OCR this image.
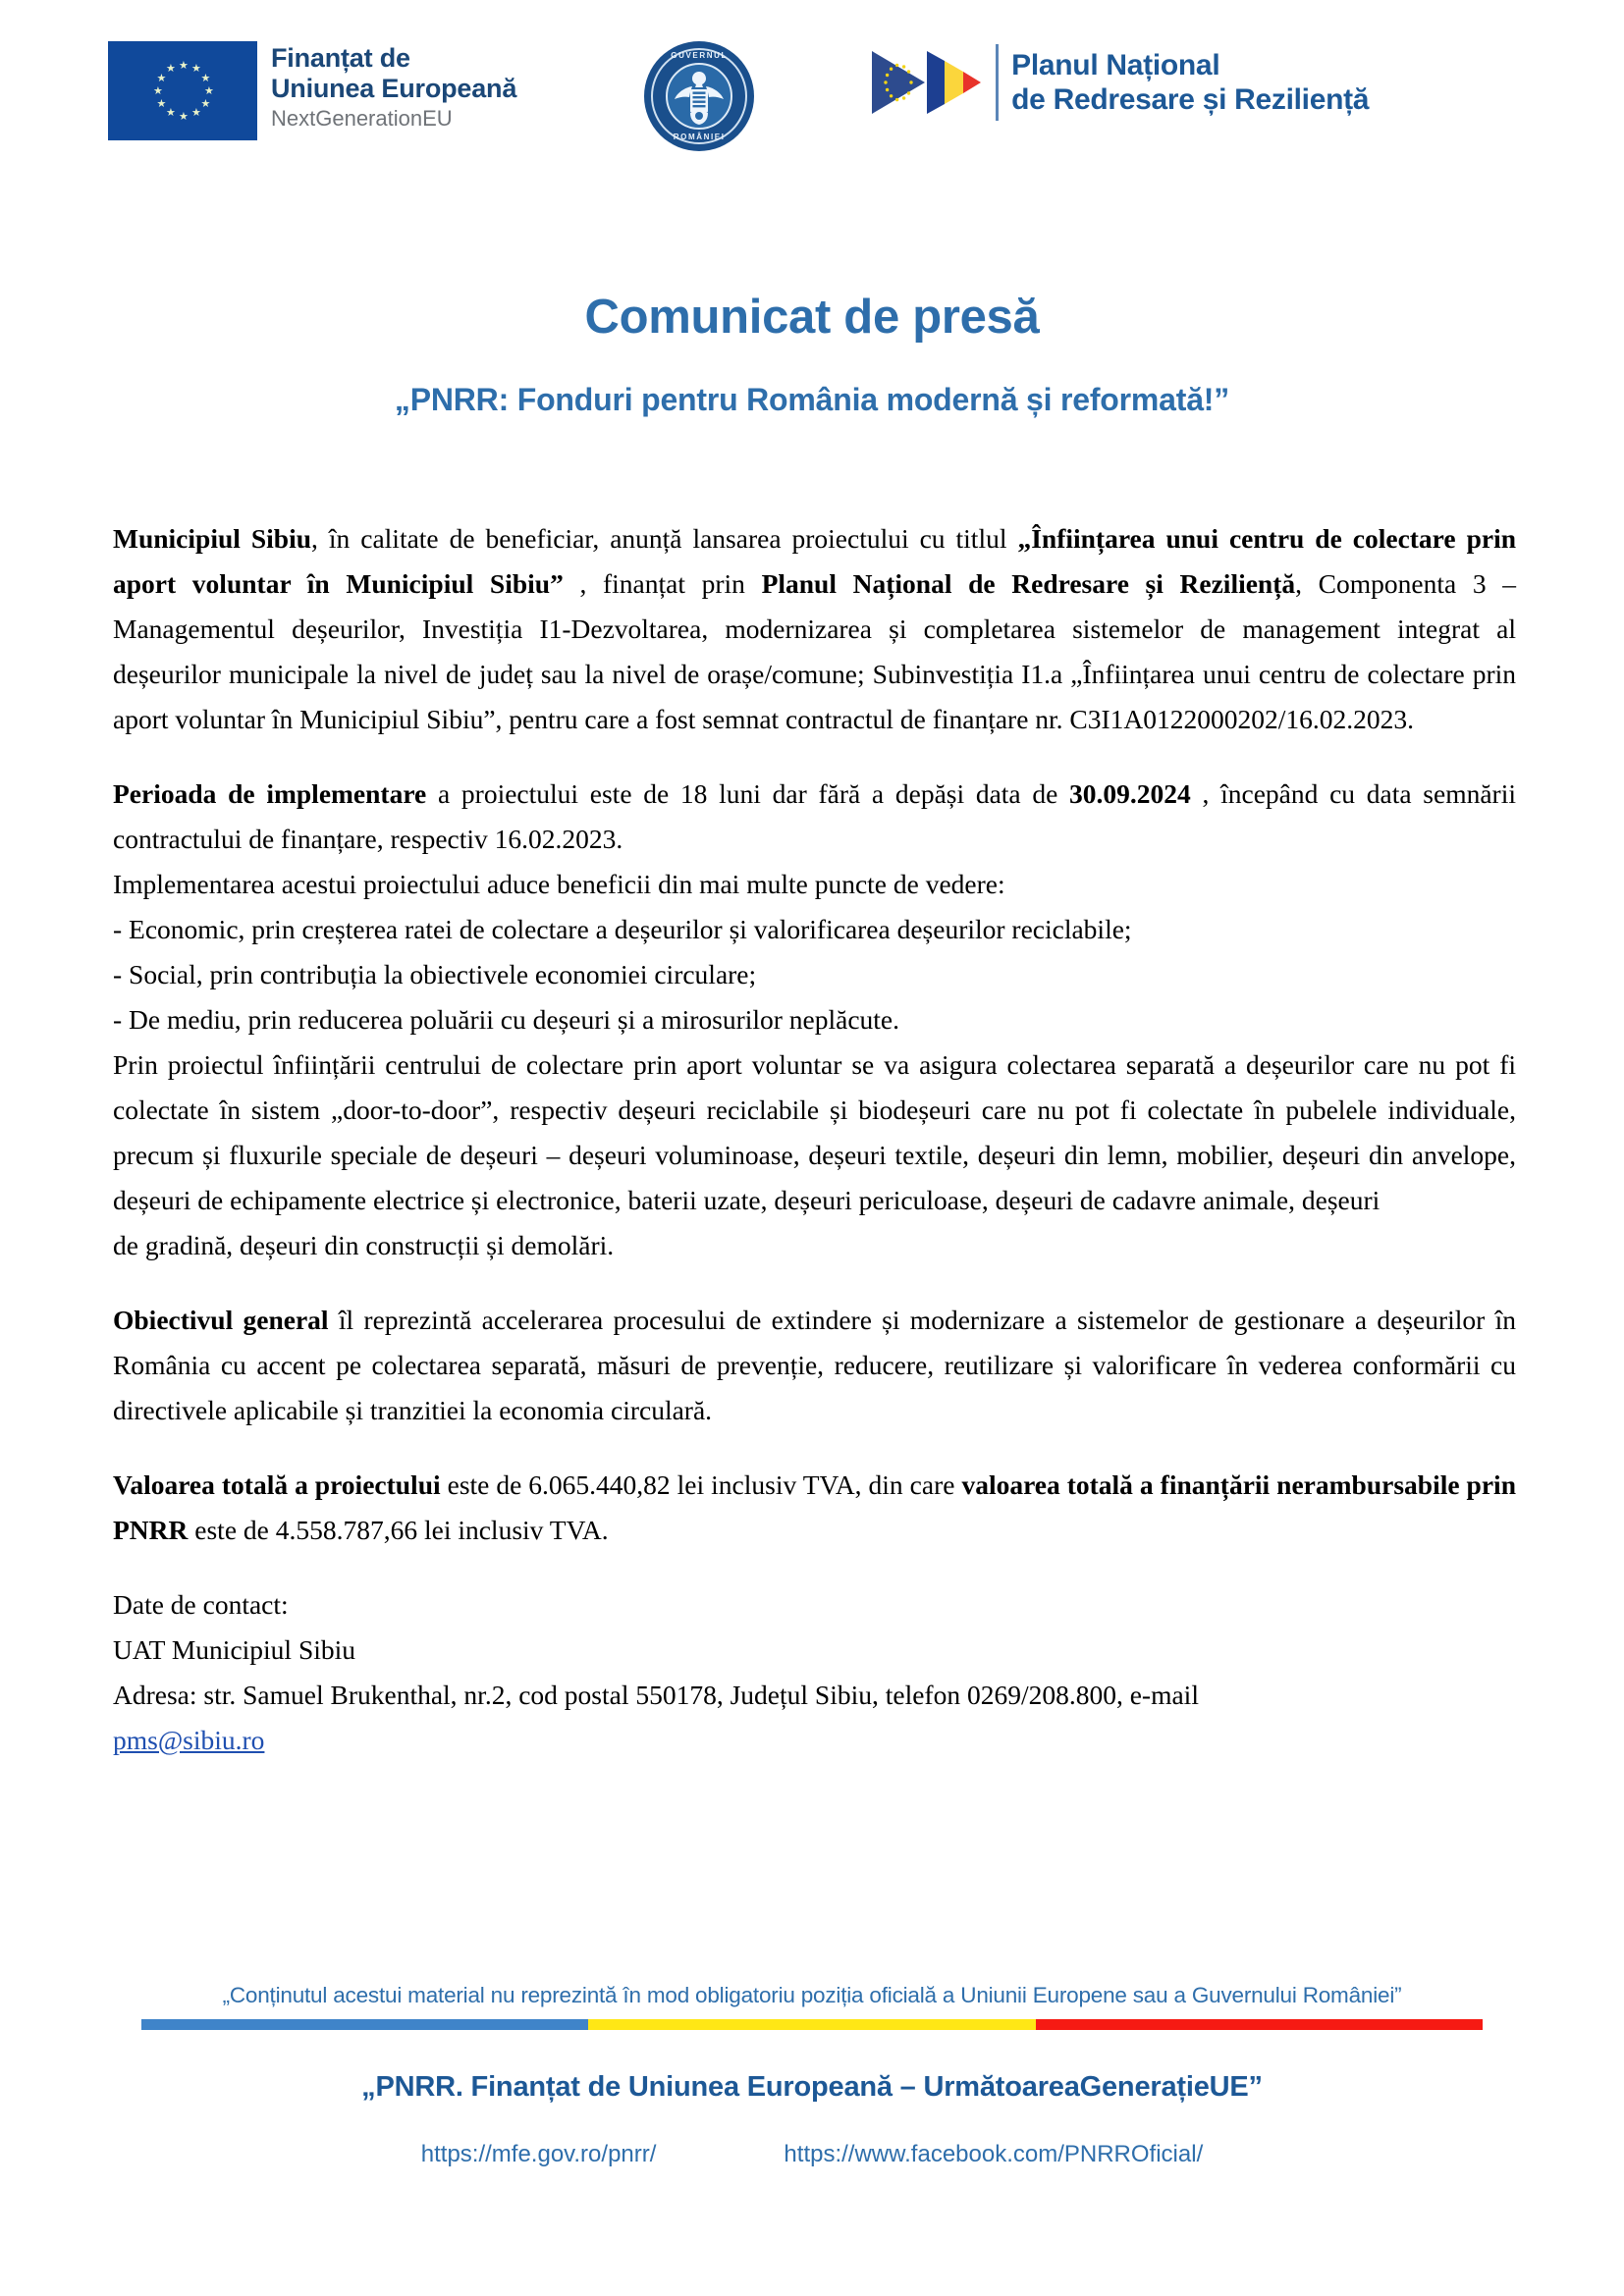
★ ★
★
★
★
★
★
★
★
★
★
★	Finanțat de
Uniunea Europeană
NextGenerationEU
GUVERNUL
ROMÂNIEI
Planul Național
de Redresare și Reziliență
Comunicat de presă
„PNRR: Fonduri pentru România modernă și reformată!”

Municipiul Sibiu, în calitate de beneficiar, anunță lansarea proiectului cu titlul „Înființarea unui centru de colectare prin aport voluntar în Municipiul Sibiu” , finanțat prin Planul Național de Redresare și Reziliență, Componenta 3 – Managementul deșeurilor, Investiția I1-Dezvoltarea, modernizarea și completarea sistemelor de management integrat al deșeurilor municipale la nivel de județ sau la nivel de orașe/comune; Subinvestiția I1.a „Înființarea unui centru de colectare prin aport voluntar în Municipiul Sibiu”, pentru care a fost semnat contractul de finanțare nr. C3I1A0122000202/16.02.2023.

Perioada de implementare a proiectului este de 18 luni dar fără a depăși data de 30.09.2024 , începând cu data semnării contractului de finanțare, respectiv 16.02.2023.

Implementarea acestui proiectului aduce beneficii din mai multe puncte de vedere:

- Economic, prin creșterea ratei de colectare a deșeurilor și valorificarea deșeurilor reciclabile;

- Social, prin contribuția la obiectivele economiei circulare;

- De mediu, prin reducerea poluării cu deșeuri și a mirosurilor neplăcute.

Prin proiectul înființării centrului de colectare prin aport voluntar se va asigura colectarea separată a deșeurilor care nu pot fi colectate în sistem „door-to-door”, respectiv deșeuri reciclabile și biodeșeuri care nu pot fi colectate în pubelele individuale, precum și fluxurile speciale de deșeuri – deșeuri voluminoase, deșeuri textile, deșeuri din lemn, mobilier, deșeuri din anvelope, deșeuri de echipamente electrice și electronice, baterii uzate, deșeuri periculoase, deșeuri de cadavre animale, deșeuri

de gradină, deșeuri din construcții și demolări.

Obiectivul general îl reprezintă accelerarea procesului de extindere și modernizare a sistemelor de gestionare a deșeurilor în România cu accent pe colectarea separată, măsuri de prevenție, reducere, reutilizare și valorificare în vederea conformării cu directivele aplicabile și tranzitiei la economia circulară.

Valoarea totală a proiectului este de 6.065.440,82 lei inclusiv TVA, din care valoarea totală a finanțării nerambursabile prin PNRR este de 4.558.787,66 lei inclusiv TVA.

Date de contact:

UAT Municipiul Sibiu

Adresa: str. Samuel Brukenthal, nr.2, cod postal 550178, Județul Sibiu, telefon 0269/208.800, e-mail

pms@sibiu.ro

„Conținutul acestui material nu reprezintă în mod obligatoriu poziția oficială a Uniunii Europene sau a Guvernului României”
„PNRR. Finanțat de Uniunea Europeană – UrmătoareaGenerațieUE”
https://mfe.gov.ro/pnrr/	https://www.facebook.com/PNRROficial/
